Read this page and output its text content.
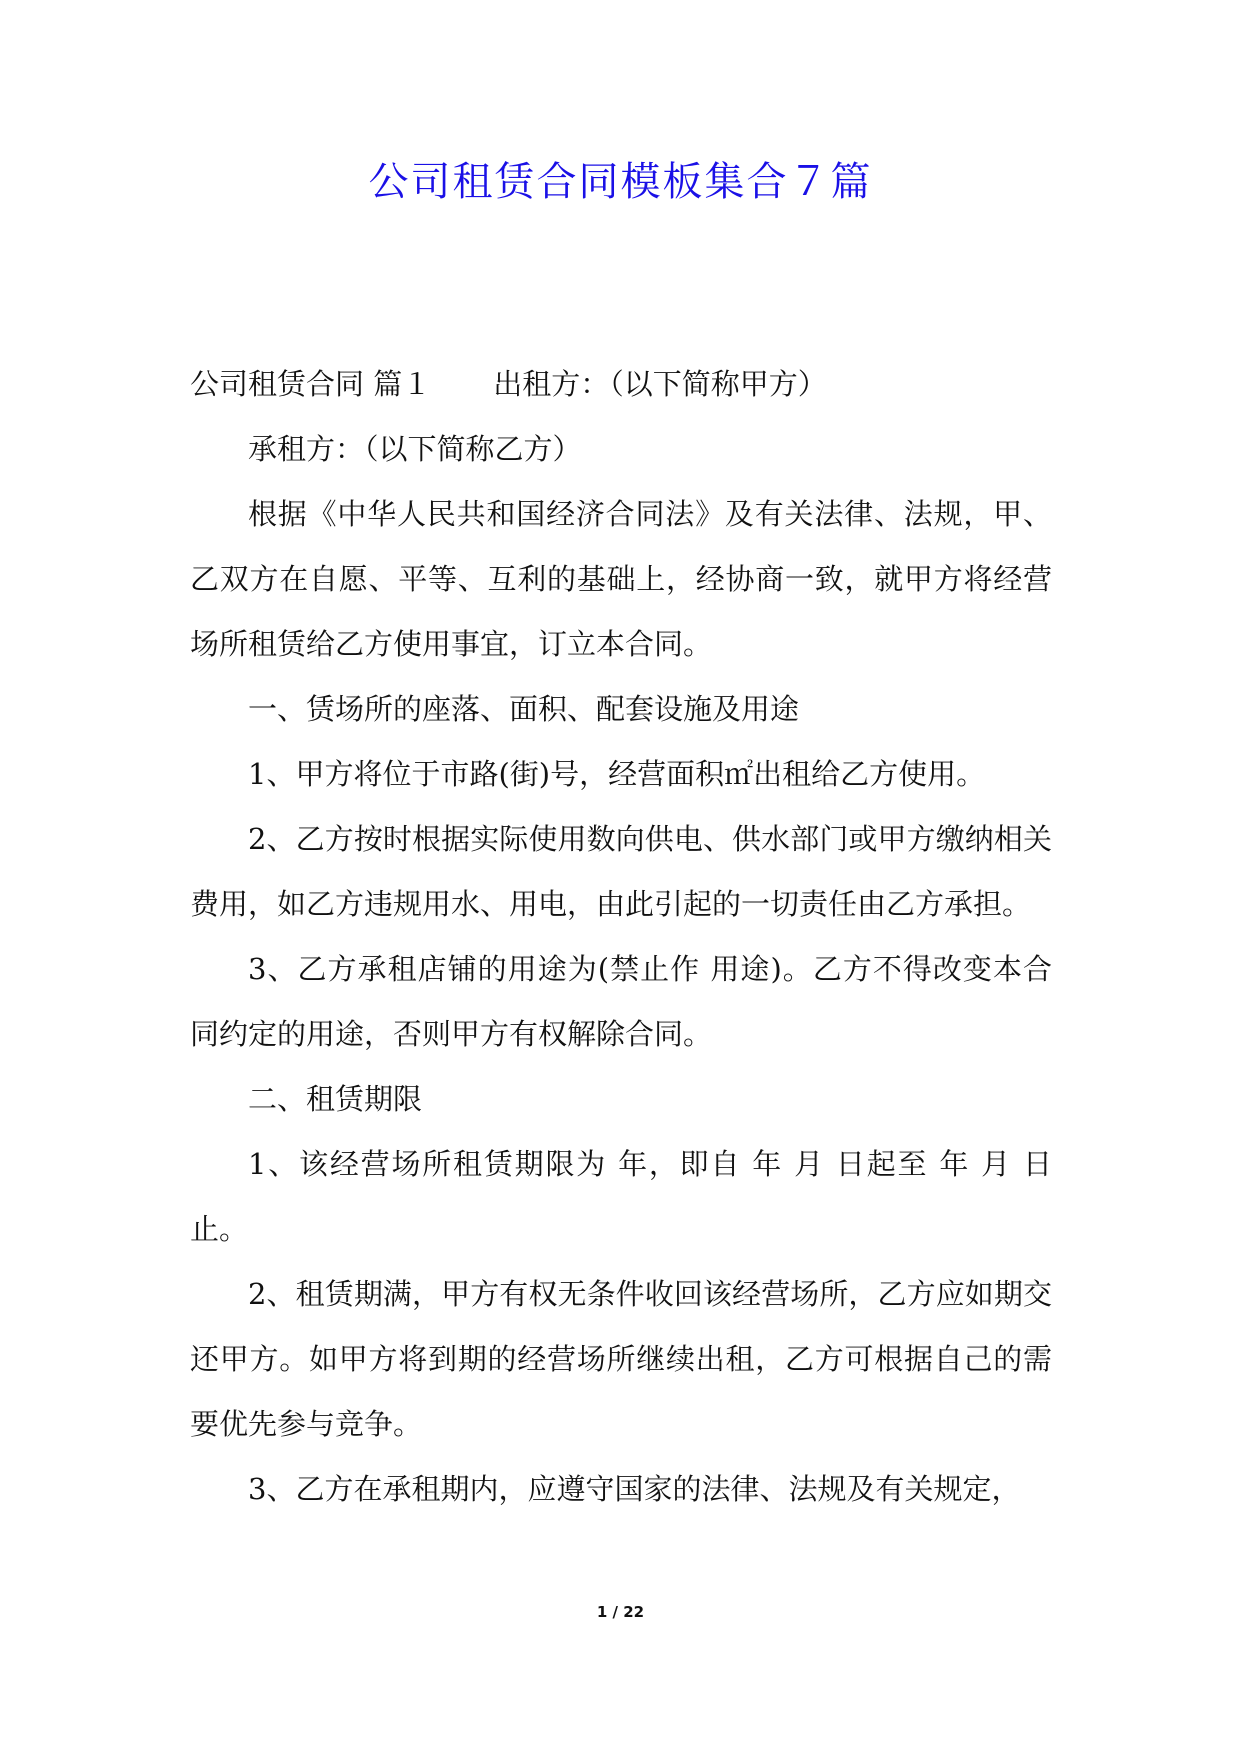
公司租赁合同模板集合７篇

公司租赁合同 篇１ 出租方：（以下简称甲方）

承租方：（以下简称乙方）

根据《中华人民共和国经济合同法》及有关法律、法规，甲、乙双方在自愿、平等、互利的基础上，经协商一致，就甲方将经营场所租赁给乙方使用事宜，订立本合同。

一、赁场所的座落、面积、配套设施及用途

1、甲方将位于市路(街)号，经营面积㎡出租给乙方使用。

2、乙方按时根据实际使用数向供电、供水部门或甲方缴纳相关费用，如乙方违规用水、用电，由此引起的一切责任由乙方承担。

3、乙方承租店铺的用途为(禁止作 用途)。乙方不得改变本合同约定的用途，否则甲方有权解除合同。

二、租赁期限

1、该经营场所租赁期限为 年，即自 年 月 日起至 年 月 日止。

2、租赁期满，甲方有权无条件收回该经营场所，乙方应如期交还甲方。如甲方将到期的经营场所继续出租，乙方可根据自己的需要优先参与竞争。

3、乙方在承租期内，应遵守国家的法律、法规及有关规定，

1 / 22
